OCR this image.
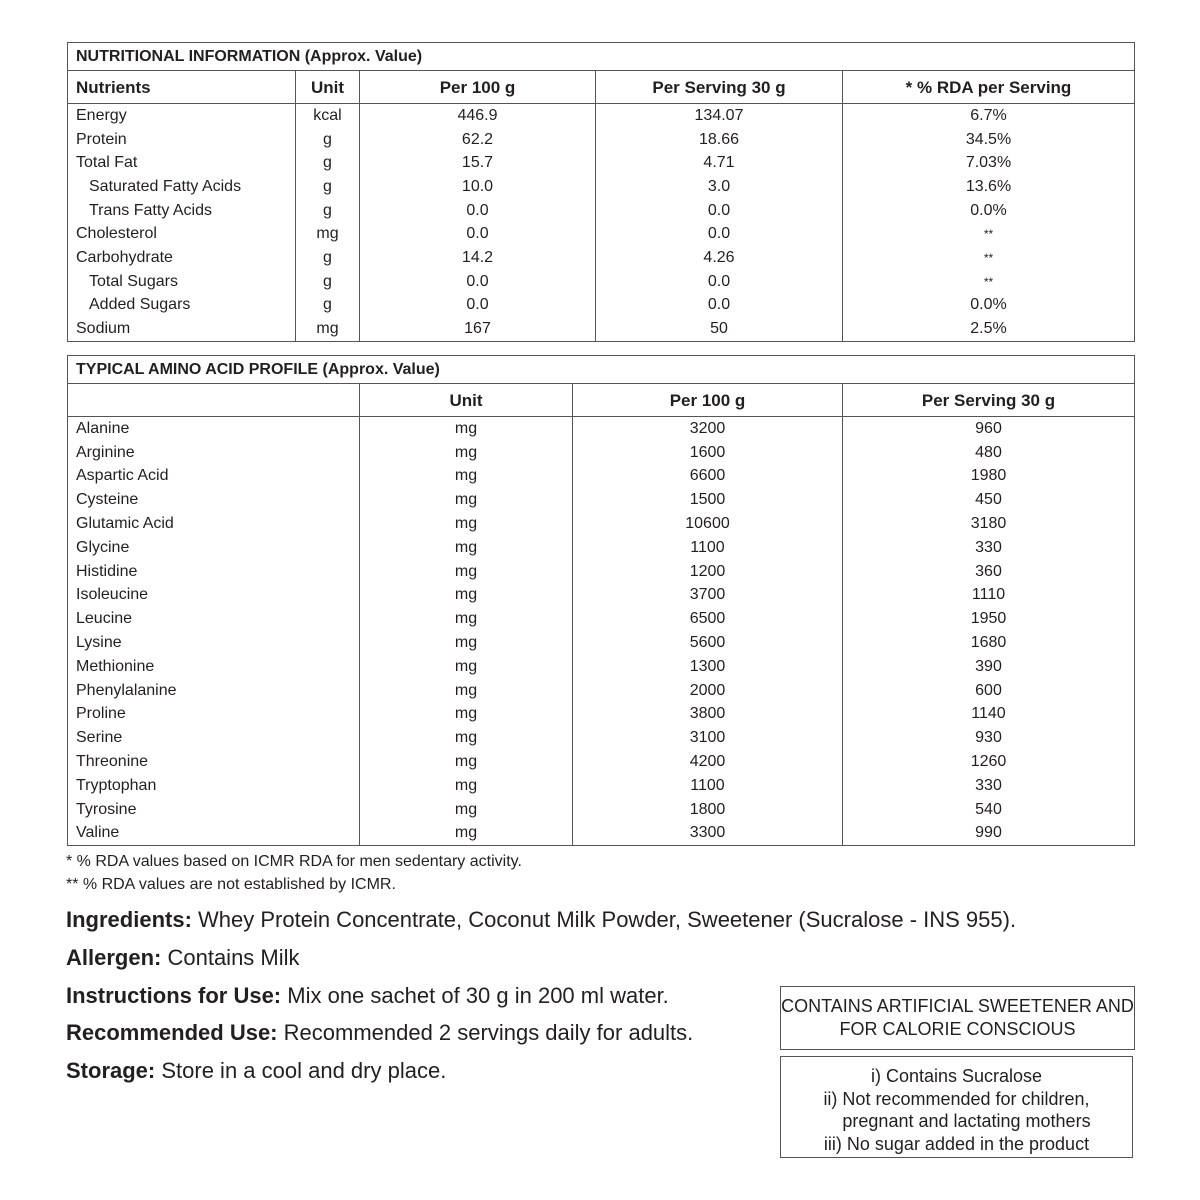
NUTRITIONAL INFORMATION (Approx. Value)				
Nutrients	Unit	Per 100 g	Per Serving 30 g	* % RDA per Serving
Energy	kcal	446.9	134.07	6.7%
Protein	g	62.2	18.66	34.5%
Total Fat	g	15.7	4.71	7.03%
Saturated Fatty Acids	g	10.0	3.0	13.6%
Trans Fatty Acids	g	0.0	0.0	0.0%
Cholesterol	mg	0.0	0.0	**
Carbohydrate	g	14.2	4.26	**
Total Sugars	g	0.0	0.0	**
Added Sugars	g	0.0	0.0	0.0%
Sodium	mg	167	50	2.5%
TYPICAL AMINO ACID PROFILE (Approx. Value)			
	Unit	Per 100 g	Per Serving 30 g
Alanine	mg	3200	960
Arginine	mg	1600	480
Aspartic Acid	mg	6600	1980
Cysteine	mg	1500	450
Glutamic Acid	mg	10600	3180
Glycine	mg	1100	330
Histidine	mg	1200	360
Isoleucine	mg	3700	1110
Leucine	mg	6500	1950
Lysine	mg	5600	1680
Methionine	mg	1300	390
Phenylalanine	mg	2000	600
Proline	mg	3800	1140
Serine	mg	3100	930
Threonine	mg	4200	1260
Tryptophan	mg	1100	330
Tyrosine	mg	1800	540
Valine	mg	3300	990
* % RDA values based on ICMR RDA for men sedentary activity.
** % RDA values are not established by ICMR.
Ingredients: Whey Protein Concentrate, Coconut Milk Powder, Sweetener (Sucralose - INS 955).
Allergen: Contains Milk
Instructions for Use: Mix one sachet of 30 g in 200 ml water.
Recommended Use: Recommended 2 servings daily for adults.
Storage: Store in a cool and dry place.
CONTAINS ARTIFICIAL SWEETENER AND
FOR CALORIE CONSCIOUS
i) Contains Sucralose
ii) Not recommended for children,
pregnant and lactating mothers
iii) No sugar added in the product
